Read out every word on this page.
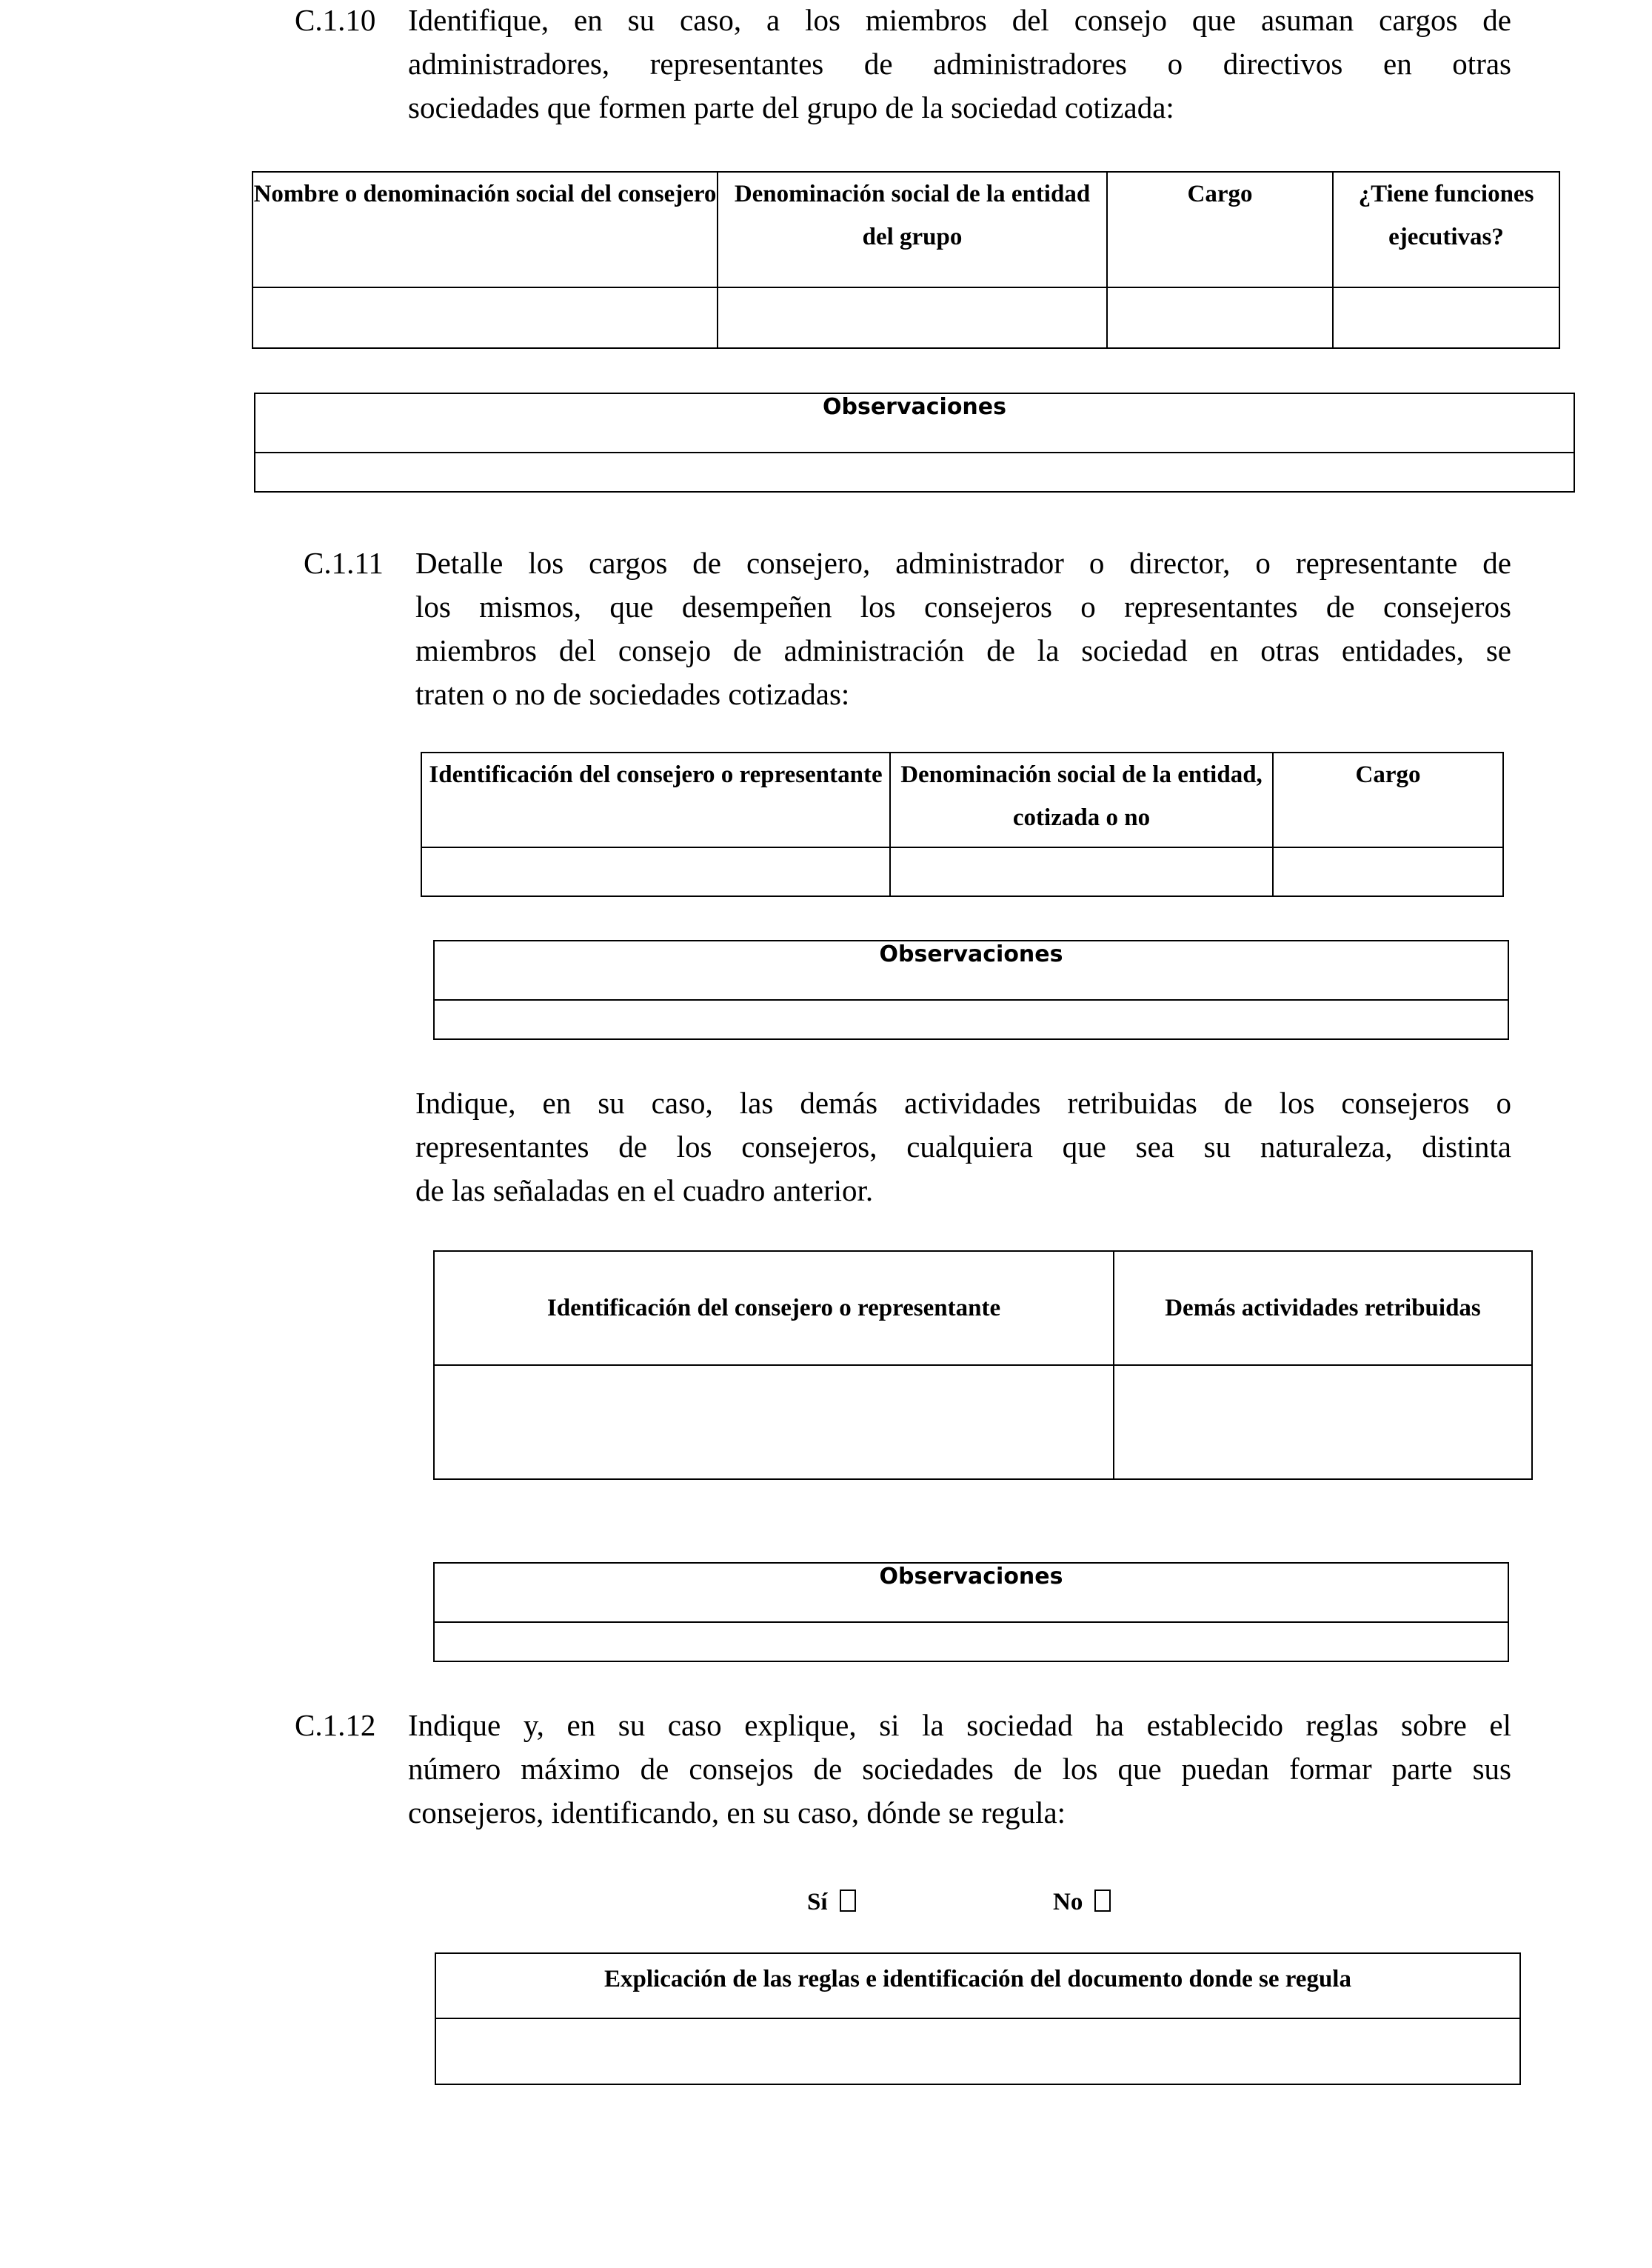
C.1.10 Identifique, en su caso, a los miembros del consejo que asuman cargos de
administradores, representantes de administradores o directivos en otras
sociedades que formen parte del grupo de la sociedad cotizada:
Nombre o denominación social del consejero	Denominación social de la entidad del grupo	Cargo	¿Tiene funciones ejecutivas?

Observaciones

C.1.11 Detalle los cargos de consejero, administrador o director, o representante de
los mismos, que desempeñen los consejeros o representantes de consejeros
miembros del consejo de administración de la sociedad en otras entidades, se
traten o no de sociedades cotizadas:
Identificación del consejero o representante	Denominación social de la entidad, cotizada o no	Cargo

Observaciones

Indique, en su caso, las demás actividades retribuidas de los consejeros o
representantes de los consejeros, cualquiera que sea su naturaleza, distinta
de las señaladas en el cuadro anterior.
Identificación del consejero o representante	Demás actividades retribuidas

Observaciones

C.1.12 Indique y, en su caso explique, si la sociedad ha establecido reglas sobre el
número máximo de consejos de sociedades de los que puedan formar parte sus
consejeros, identificando, en su caso, dónde se regula:
Sí	No
Explicación de las reglas e identificación del documento donde se regula
